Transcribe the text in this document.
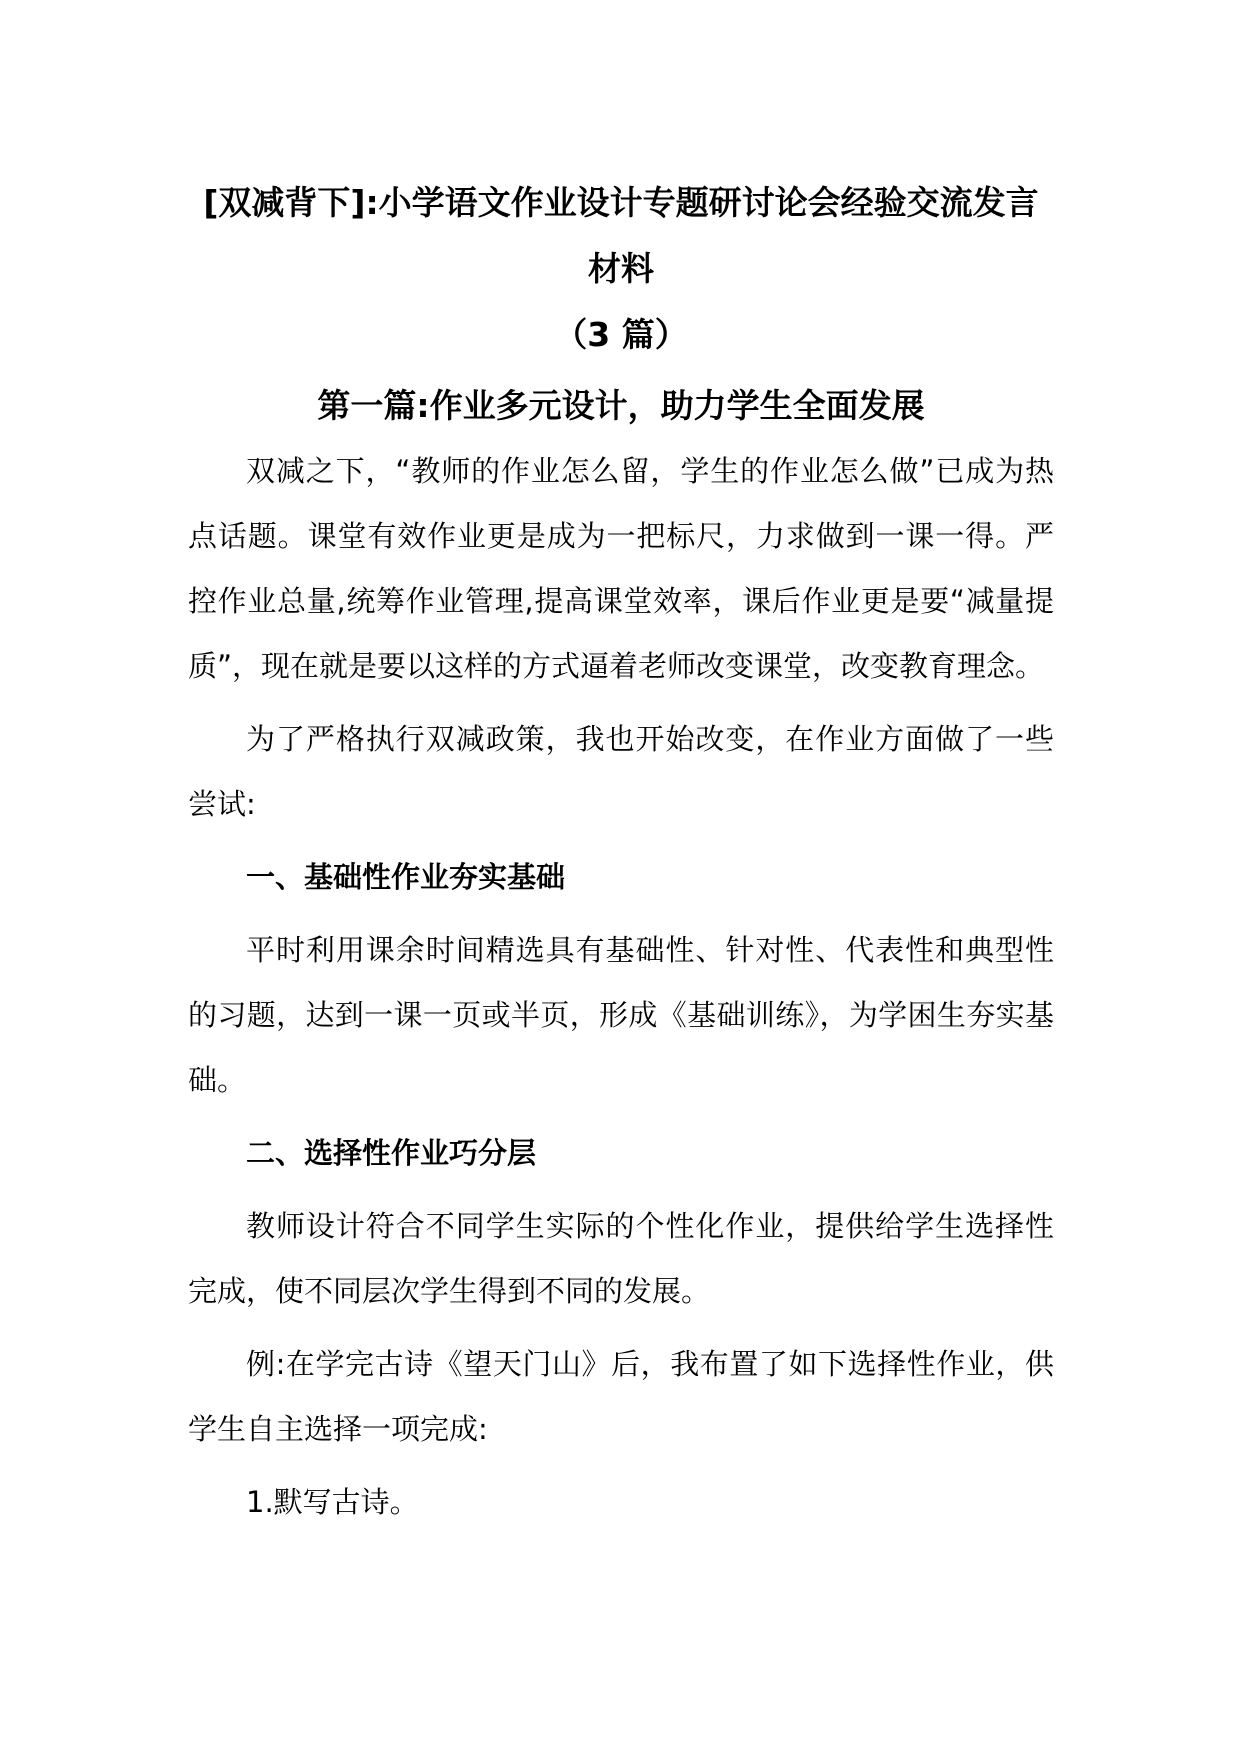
[双减背下]:小学语文作业设计专题研讨论会经验交流发言材料

（3 篇）

第一篇:作业多元设计，助力学生全面发展

双减之下，“教师的作业怎么留，学生的作业怎么做”已成为热点话题。课堂有效作业更是成为一把标尺，力求做到一课一得。严控作业总量,统筹作业管理,提高课堂效率，课后作业更是要“减量提质”，现在就是要以这样的方式逼着老师改变课堂，改变教育理念。

为了严格执行双减政策，我也开始改变，在作业方面做了一些尝试:

一、基础性作业夯实基础

平时利用课余时间精选具有基础性、针对性、代表性和典型性的习题，达到一课一页或半页，形成《基础训练》，为学困生夯实基础。

二、选择性作业巧分层

教师设计符合不同学生实际的个性化作业，提供给学生选择性完成，使不同层次学生得到不同的发展。

例:在学完古诗《望天门山》后，我布置了如下选择性作业，供学生自主选择一项完成:

1.默写古诗。
